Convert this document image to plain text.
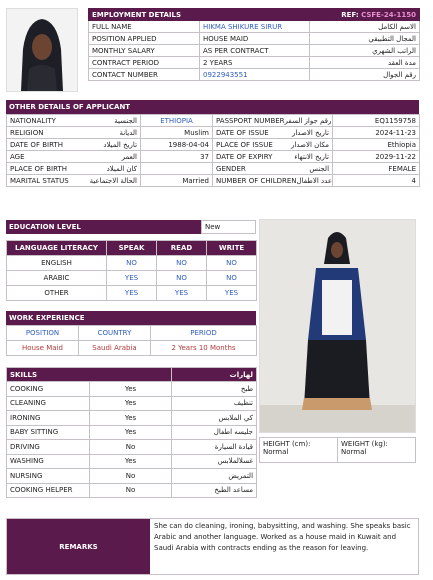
EMPLOYMENT DETAILS		REF: CSFE-24-1150
FULL NAME	HIKMA SHIKURE SIRUR	الاسم الكامل
POSITION APPLIED	HOUSE MAID	المجال التطبيقي
MONTHLY SALARY	AS PER CONTRACT	الراتب الشهري
CONTRACT PERIOD	2 YEARS	مدة العقد
CONTACT NUMBER	0922943551	رقم الجوال
OTHER DETAILS OF APPLICANT
NATIONALITY الجنسية	ETHIOPIA	PASSPORT NUMBER رقم جواز السفر	EQ1159758

RELIGION الديانة	Muslim	DATE OF ISSUE تاريخ الاصدار	2024-11-23

DATE OF BIRTH تاريخ الميلاد	1988-04-04	PLACE OF ISSUE مكان الاصدار	Ethiopia

AGE العمر	37	DATE OF EXPIRY تاريخ الانتهاء	2029-11-22

PLACE OF BIRTH كان الميلاد		GENDER الجنس	FEMALE

MARITAL STATUS الحالة الاجتماعية	Married	NUMBER OF CHILDREN عدد الاطفال	4
EDUCATION LEVEL	New
LANGUAGE LITERACY	SPEAK	READ	WRITE
ENGLISH	NO	NO	NO
ARABIC	YES	NO	NO
OTHER	YES	YES	YES
WORK EXPERIENCE
POSITION	COUNTRY	PERIOD
House Maid	Saudi Arabia	2 Years 10 Months
SKILLS		لهارات
COOKING	Yes	طبخ
CLEANING	Yes	تنظيف
IRONING	Yes	كي الملابس
BABY SITTING	Yes	جليسه اطفال
DRIVING	No	قيادة السيارة
WASHING	Yes	غسلالملابس
NURSING	No	التمريض
COOKING HELPER	No	مساعد الطبخ
HEIGHT (cm):
Normal
WEIGHT (kg):
Normal
REMARKS
She can do cleaning, ironing, babysitting, and washing. She speaks basic Arabic and another language. Worked as a house maid in Kuwait and Saudi Arabia with contracts ending as the reason for leaving.
